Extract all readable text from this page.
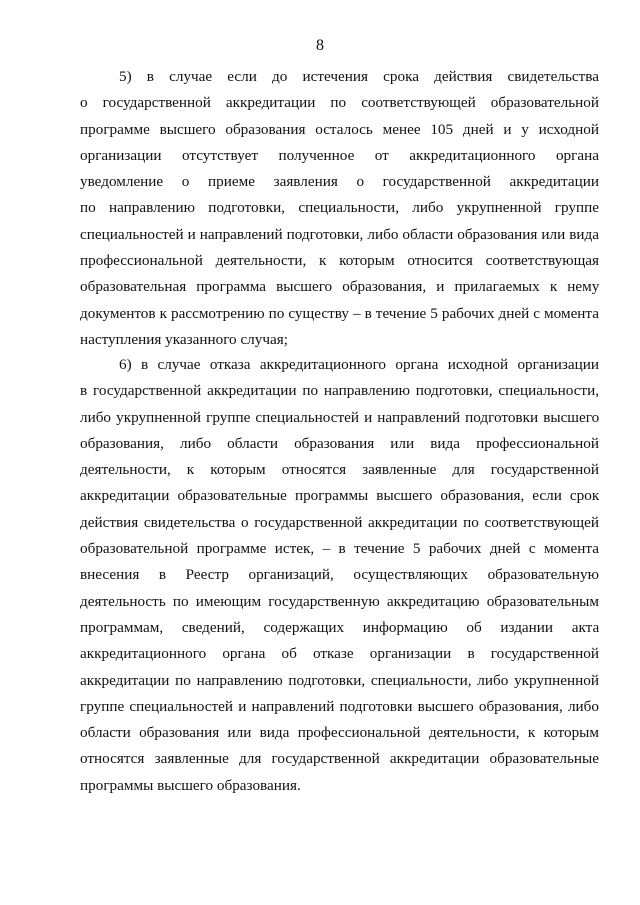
8
5) в случае если до истечения срока действия свидетельства
о государственной аккредитации по соответствующей образовательной
программе высшего образования осталось менее 105 дней и у исходной
организации отсутствует полученное от аккредитационного органа
уведомление о приеме заявления о государственной аккредитации
по направлению подготовки, специальности, либо укрупненной группе
специальностей и направлений подготовки, либо области образования или вида
профессиональной деятельности, к которым относится соответствующая
образовательная программа высшего образования, и прилагаемых к нему
документов к рассмотрению по существу – в течение 5 рабочих дней с момента
наступления указанного случая;
6) в случае отказа аккредитационного органа исходной организации
в государственной аккредитации по направлению подготовки, специальности,
либо укрупненной группе специальностей и направлений подготовки высшего
образования, либо области образования или вида профессиональной
деятельности, к которым относятся заявленные для государственной
аккредитации образовательные программы высшего образования, если срок
действия свидетельства о государственной аккредитации по соответствующей
образовательной программе истек, – в течение 5 рабочих дней с момента
внесения в Реестр организаций, осуществляющих образовательную
деятельность по имеющим государственную аккредитацию образовательным
программам, сведений, содержащих информацию об издании акта
аккредитационного органа об отказе организации в государственной
аккредитации по направлению подготовки, специальности, либо укрупненной
группе специальностей и направлений подготовки высшего образования, либо
области образования или вида профессиональной деятельности, к которым
относятся заявленные для государственной аккредитации образовательные
программы высшего образования.
